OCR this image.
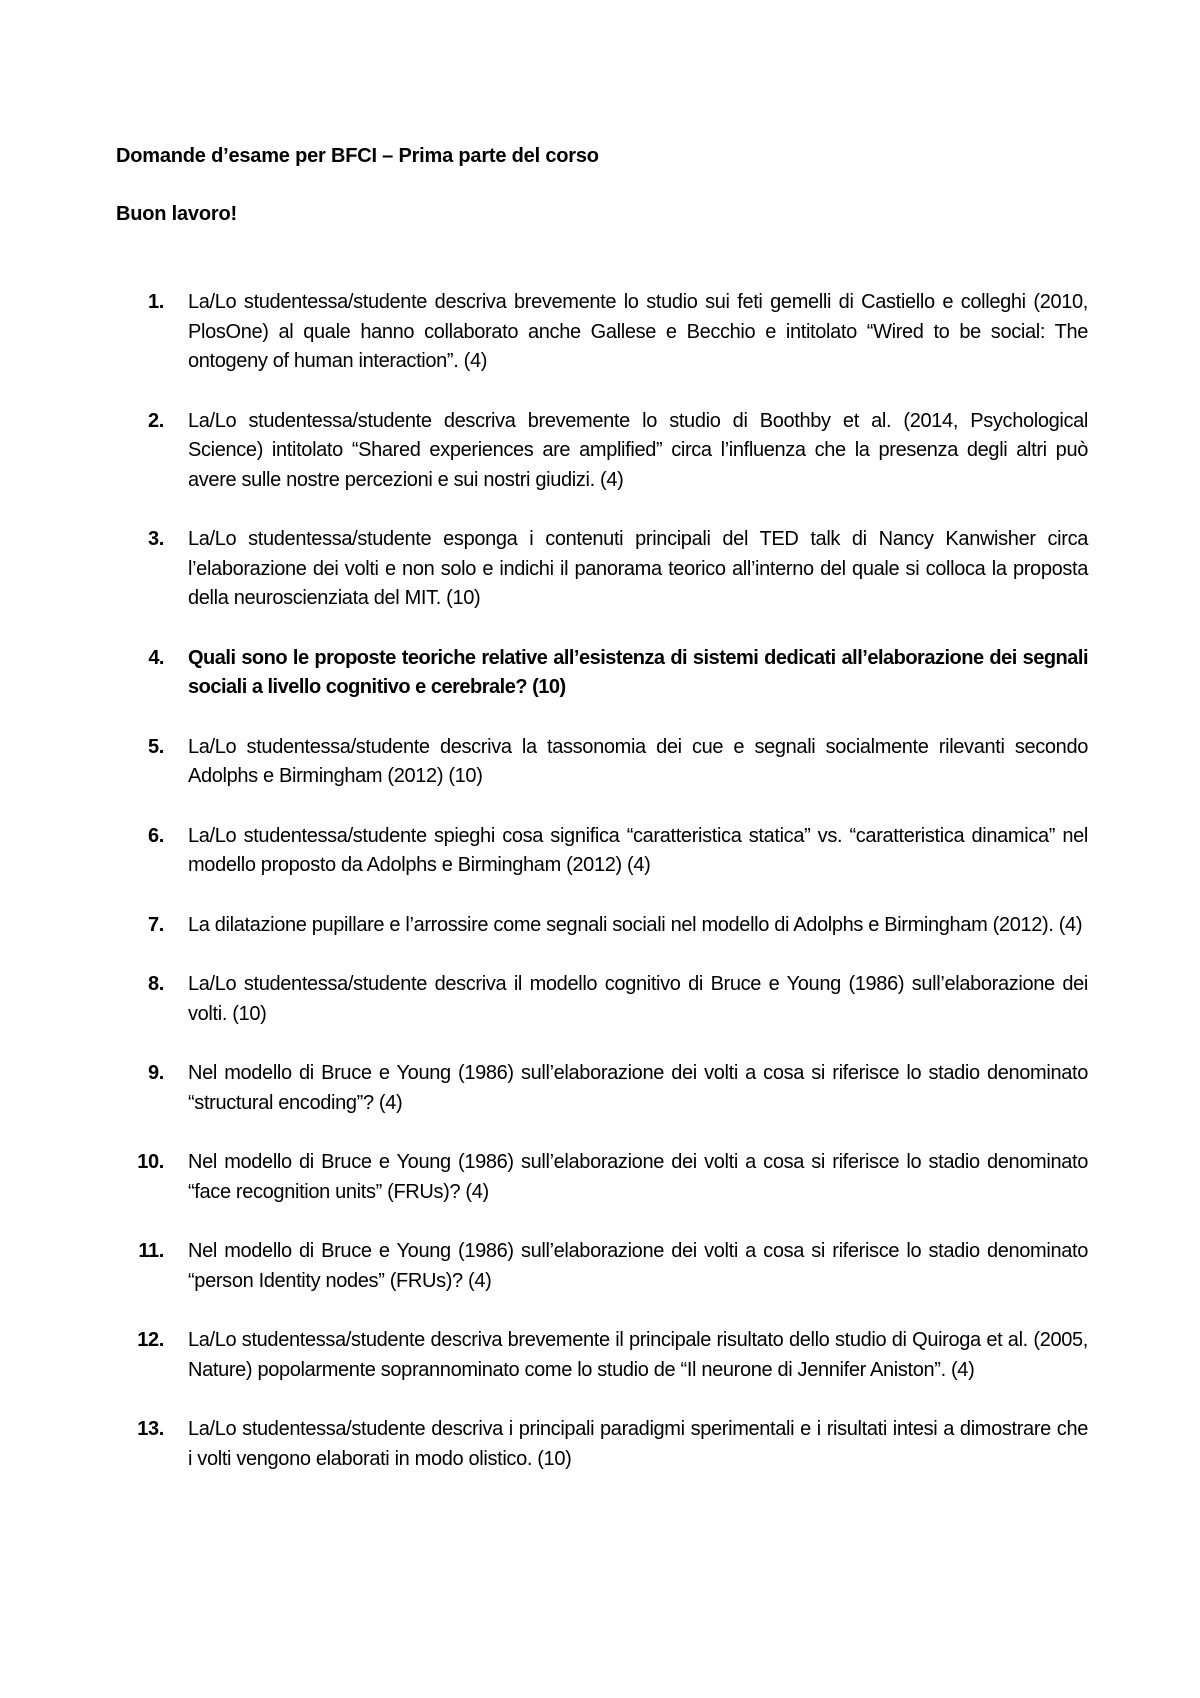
Domande d’esame per BFCI – Prima parte del corso

Buon lavoro!

1. La/Lo studentessa/studente descriva brevemente lo studio sui feti gemelli di Castiello e colleghi (2010, PlosOne) al quale hanno collaborato anche Gallese e Becchio e intitolato “Wired to be social: The ontogeny of human interaction”. (4)
2. La/Lo studentessa/studente descriva brevemente lo studio di Boothby et al. (2014, Psychological Science) intitolato “Shared experiences are amplified” circa l’influenza che la presenza degli altri può avere sulle nostre percezioni e sui nostri giudizi. (4)
3. La/Lo studentessa/studente esponga i contenuti principali del TED talk di Nancy Kanwisher circa l’elaborazione dei volti e non solo e indichi il panorama teorico all’interno del quale si colloca la proposta della neuroscienziata del MIT. (10)
4. Quali sono le proposte teoriche relative all’esistenza di sistemi dedicati all’elaborazione dei segnali sociali a livello cognitivo e cerebrale? (10)
5. La/Lo studentessa/studente descriva la tassonomia dei cue e segnali socialmente rilevanti secondo Adolphs e Birmingham (2012) (10)
6. La/Lo studentessa/studente spieghi cosa significa “caratteristica statica” vs. “caratteristica dinamica” nel modello proposto da Adolphs e Birmingham (2012) (4)
7. La dilatazione pupillare e l’arrossire come segnali sociali nel modello di Adolphs e Birmingham (2012). (4)
8. La/Lo studentessa/studente descriva il modello cognitivo di Bruce e Young (1986) sull’elaborazione dei volti. (10)
9. Nel modello di Bruce e Young (1986) sull’elaborazione dei volti a cosa si riferisce lo stadio denominato “structural encoding”? (4)
10. Nel modello di Bruce e Young (1986) sull’elaborazione dei volti a cosa si riferisce lo stadio denominato “face recognition units” (FRUs)? (4)
11. Nel modello di Bruce e Young (1986) sull’elaborazione dei volti a cosa si riferisce lo stadio denominato “person Identity nodes” (FRUs)? (4)
12. La/Lo studentessa/studente descriva brevemente il principale risultato dello studio di Quiroga et al. (2005, Nature) popolarmente soprannominato come lo studio de “Il neurone di Jennifer Aniston”. (4)
13. La/Lo studentessa/studente descriva i principali paradigmi sperimentali e i risultati intesi a dimostrare che i volti vengono elaborati in modo olistico. (10)
